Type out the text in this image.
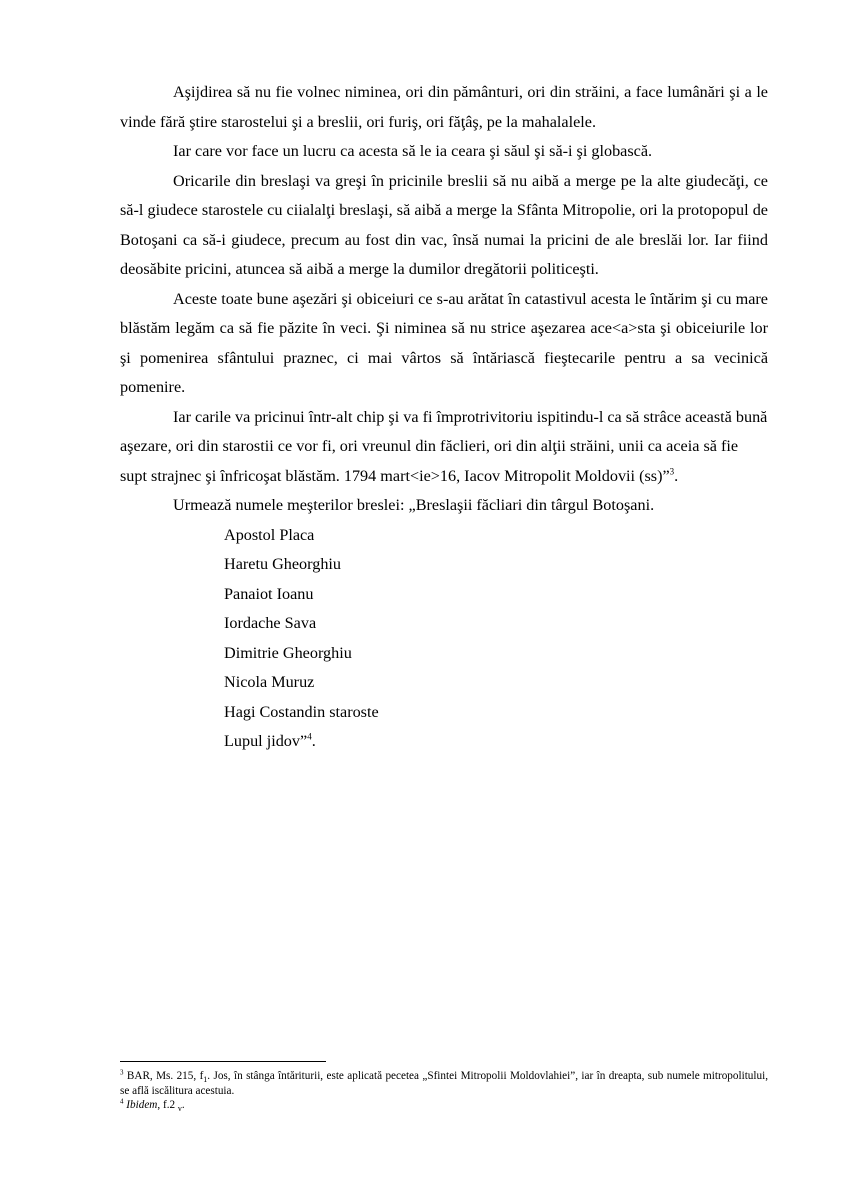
Aşijdirea să nu fie volnec niminea, ori din pământuri, ori din străini, a face lumânări şi a le vinde fără ştire starostelui şi a breslii, ori furiş, ori făţâş, pe la mahalalele.

Iar care vor face un lucru ca acesta să le ia ceara şi săul şi să-i şi globască.

Oricarile din breslaşi va greşi în pricinile breslii să nu aibă a merge pe la alte giudecăţi, ce să-l giudece starostele cu ciialalţi breslaşi, să aibă a merge la Sfânta Mitropolie, ori la protopopul de Botoşani ca să-i giudece, precum au fost din vac, însă numai la pricini de ale breslăi lor. Iar fiind deosăbite pricini, atuncea să aibă a merge la dumilor dregătorii politiceşti.

Aceste toate bune aşezări şi obiceiuri ce s-au arătat în catastivul acesta le întărim şi cu mare blăstăm legăm ca să fie păzite în veci. Şi niminea să nu strice aşezarea ace<a>sta şi obiceiurile lor şi pomenirea sfântului praznec, ci mai vârtos să întăriască fieştecarile pentru a sa vecinică pomenire.

Iar carile va pricinui într-alt chip şi va fi împrotrivitoriu ispitindu-l ca să strâce această bună aşezare, ori din starostii ce vor fi, ori vreunul din făclieri, ori din alţii străini, unii ca aceia să fie supt strajnec şi înfricoşat blăstăm. 1794 mart<ie>16, Iacov Mitropolit Moldovii (ss)”$^3$.

Urmează numele meşterilor breslei: „Breslaşii făcliari din târgul Botoşani.

Apostol Placa
Haretu Gheorghiu
Panaiot Ioanu
Iordache Sava
Dimitrie Gheorghiu
Nicola Muruz
Hagi Costandin staroste
Lupul jidov”$^4$.

$^3$ BAR, Ms. 215, $f_1$. Jos, în stânga întăriturii, este aplicată pecetea „Sfintei Mitropolii Moldovlahiei”, iar în dreapta, sub numele mitropolitului, se află iscălitura acestuia.

$^4$ Ibidem, f.2 $_v$.
